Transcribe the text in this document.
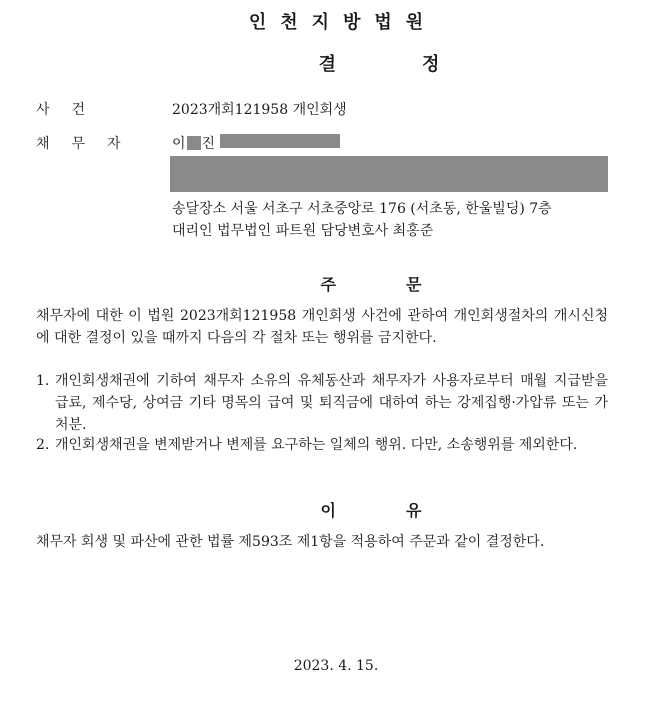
인천지방법원
결정
사건	2023개회121958 개인회생
채무자 이 진
송달장소 서울 서초구 서초중앙로 176 (서초동, 한울빌딩) 7층
대리인 법무법인 파트원 담당변호사 최홍준
주문
채무자에 대한 이 법원 2023개회121958 개인회생 사건에 관하여 개인회생절차의 개시신청에 대한 결정이 있을 때까지 다음의 각 절차 또는 행위를 금지한다.
1. 개인회생채권에 기하여 채무자 소유의 유체동산과 채무자가 사용자로부터 매월 지급받을 급료, 제수당, 상여금 기타 명목의 급여 및 퇴직금에 대하여 하는 강제집행·가압류 또는 가처분.
2. 개인회생채권을 변제받거나 변제를 요구하는 일체의 행위. 다만, 소송행위를 제외한다.
이유
채무자 회생 및 파산에 관한 법률 제593조 제1항을 적용하여 주문과 같이 결정한다.
2023. 4. 15.
